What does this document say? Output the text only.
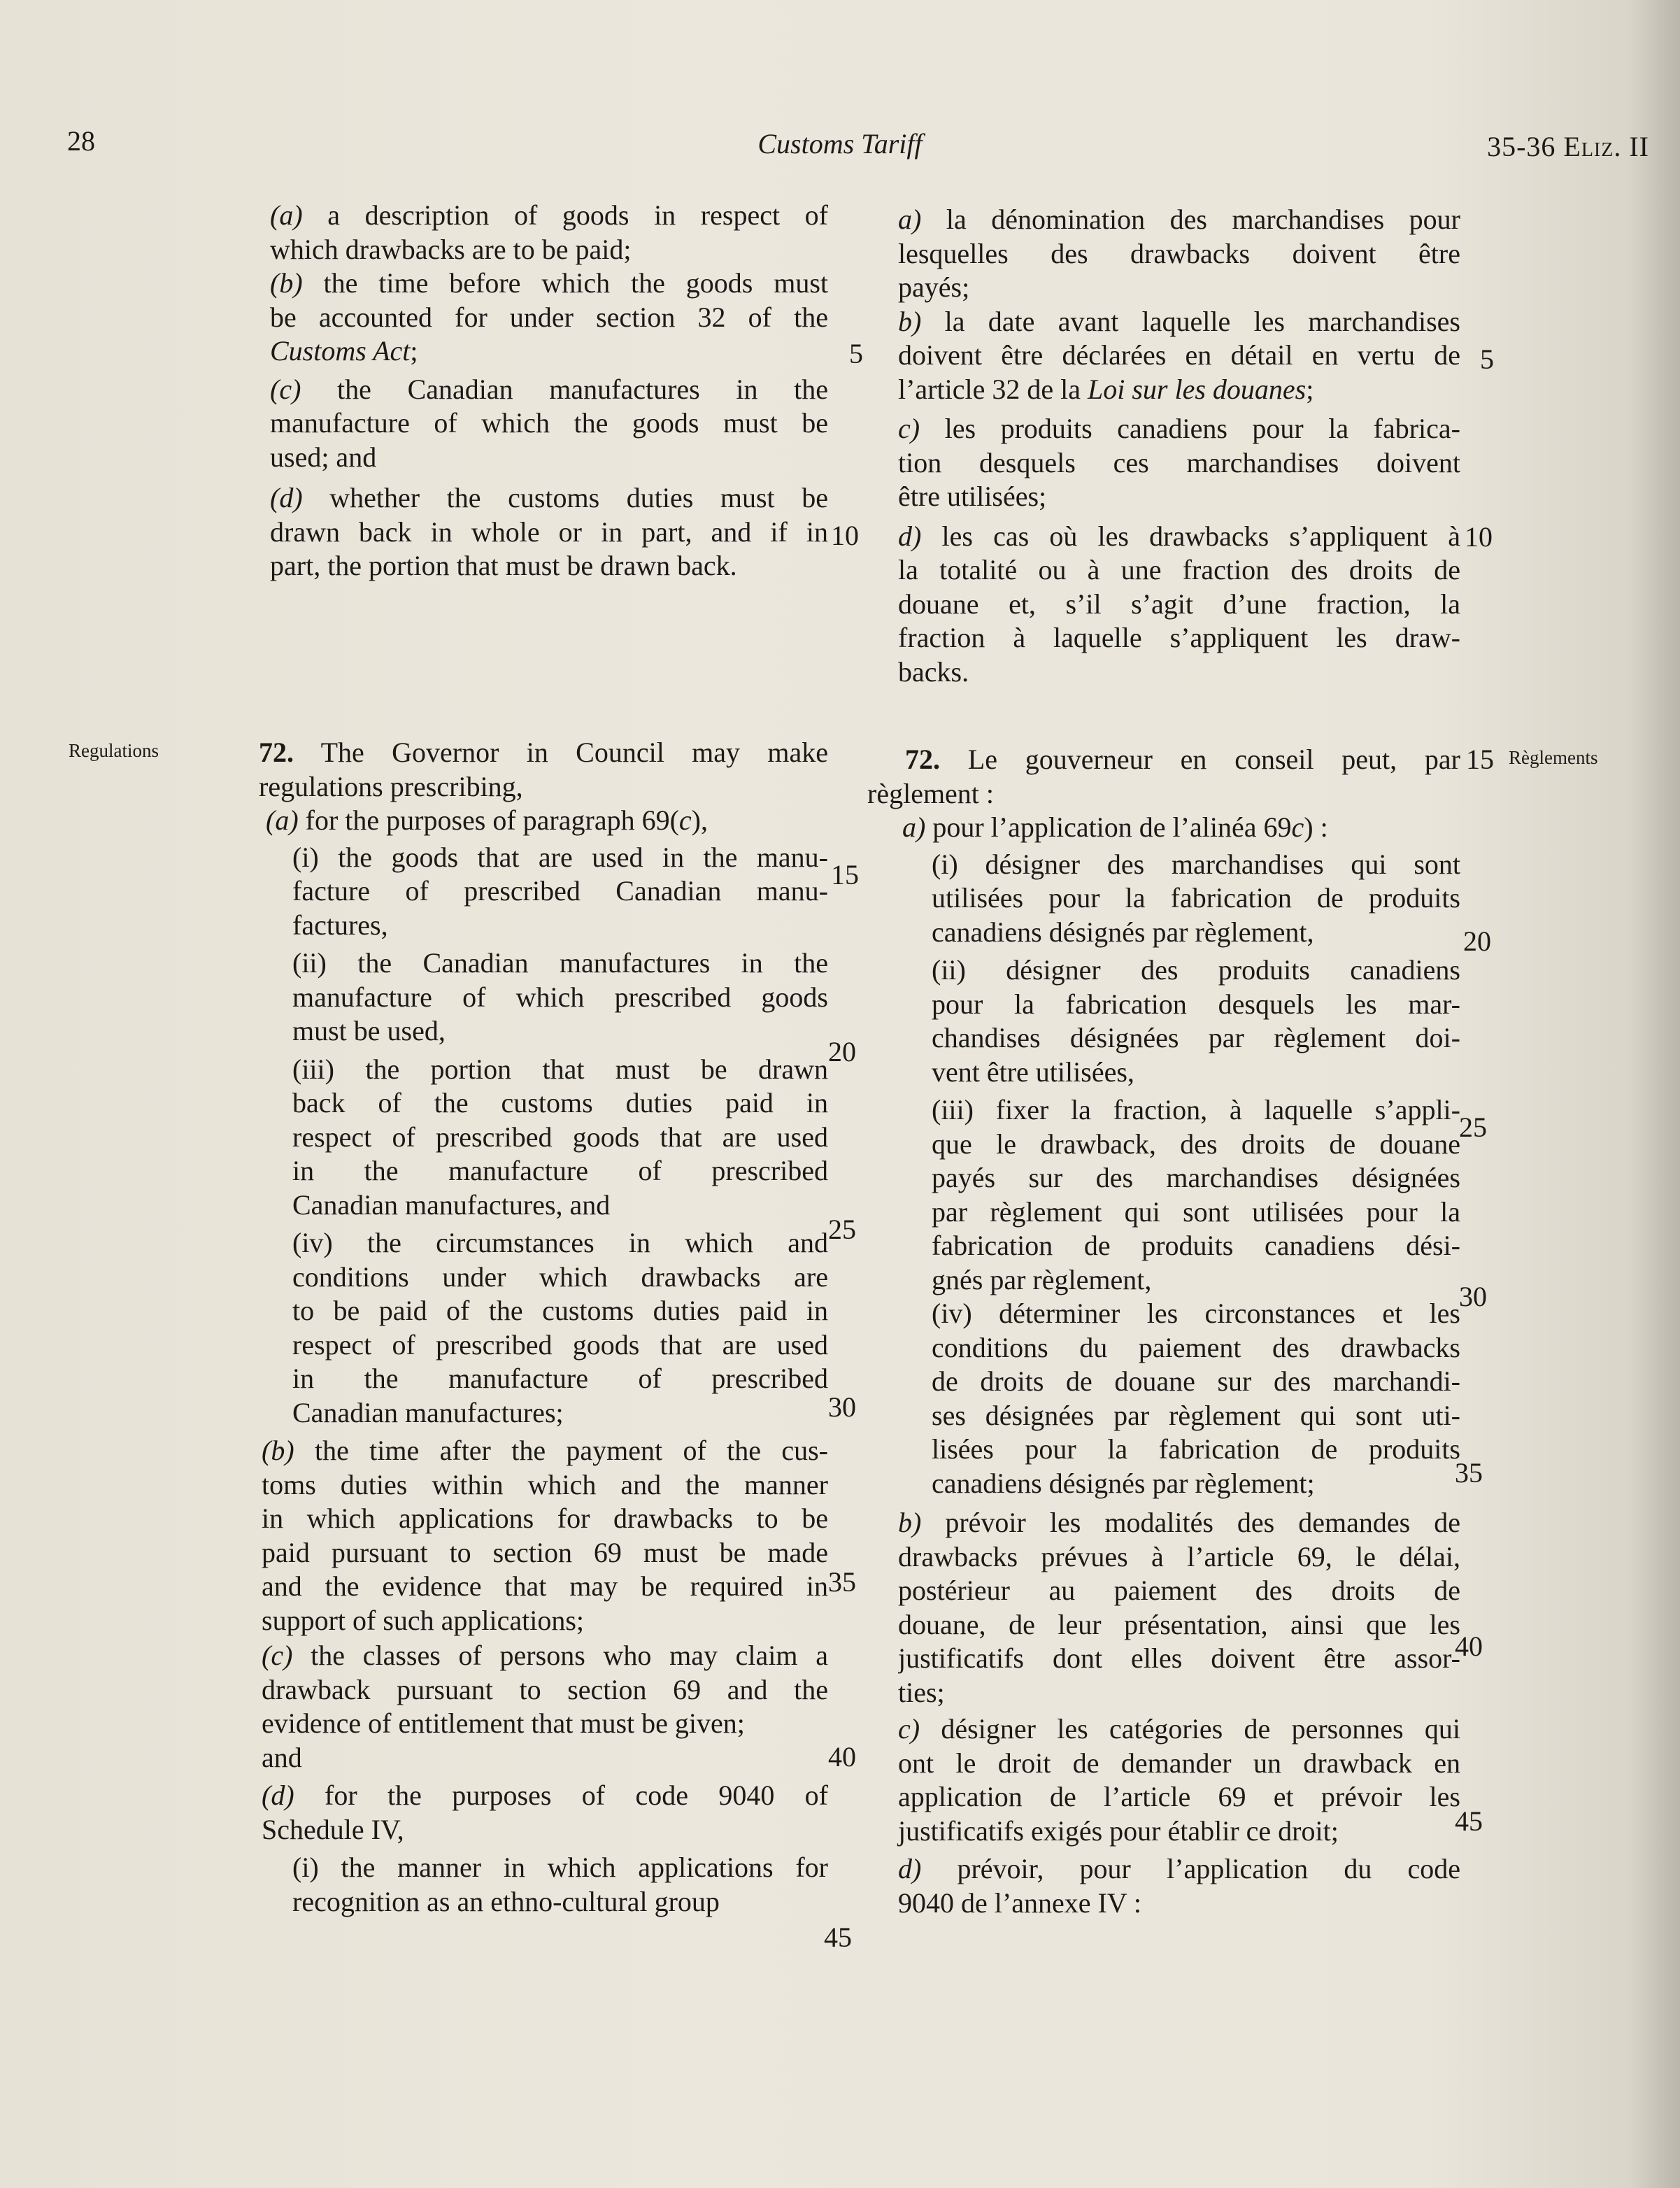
28	Customs Tariff	35-36 Eliz. II
Regulations	Règlements
(a) a description of goods in respect of
which drawbacks are to be paid;
(b) the time before which the goods must
be accounted for under section 32 of the
Customs Act;
(c) the Canadian manufactures in the
manufacture of which the goods must be
used; and
(d) whether the customs duties must be
drawn back in whole or in part, and if in
part, the portion that must be drawn back.
5
10
72. The Governor in Council may make
regulations prescribing,
(a) for the purposes of paragraph 69(c),
(i) the goods that are used in the manu-
facture of prescribed Canadian manu-
factures,
(ii) the Canadian manufactures in the
manufacture of which prescribed goods
must be used,
(iii) the portion that must be drawn
back of the customs duties paid in
respect of prescribed goods that are used
in the manufacture of prescribed
Canadian manufactures, and
(iv) the circumstances in which and
conditions under which drawbacks are
to be paid of the customs duties paid in
respect of prescribed goods that are used
in the manufacture of prescribed
Canadian manufactures;
(b) the time after the payment of the cus-
toms duties within which and the manner
in which applications for drawbacks to be
paid pursuant to section 69 must be made
and the evidence that may be required in
support of such applications;
(c) the classes of persons who may claim a
drawback pursuant to section 69 and the
evidence of entitlement that must be given;
and
(d) for the purposes of code 9040 of
Schedule IV,
(i) the manner in which applications for
recognition as an ethno-cultural group
15
20
25
30
35
40
45
a) la dénomination des marchandises pour
lesquelles des drawbacks doivent être
payés;
b) la date avant laquelle les marchandises
doivent être déclarées en détail en vertu de
l’article 32 de la Loi sur les douanes;
c) les produits canadiens pour la fabrica-
tion desquels ces marchandises doivent
être utilisées;
d) les cas où les drawbacks s’appliquent à
la totalité ou à une fraction des droits de
douane et, s’il s’agit d’une fraction, la
fraction à laquelle s’appliquent les draw-
backs.
5
10
72. Le gouverneur en conseil peut, par
règlement :
a) pour l’application de l’alinéa 69c) :
(i) désigner des marchandises qui sont
utilisées pour la fabrication de produits
canadiens désignés par règlement,
(ii) désigner des produits canadiens
pour la fabrication desquels les mar-
chandises désignées par règlement doi-
vent être utilisées,
(iii) fixer la fraction, à laquelle s’appli-
que le drawback, des droits de douane
payés sur des marchandises désignées
par règlement qui sont utilisées pour la
fabrication de produits canadiens dési-
gnés par règlement,
(iv) déterminer les circonstances et les
conditions du paiement des drawbacks
de droits de douane sur des marchandi-
ses désignées par règlement qui sont uti-
lisées pour la fabrication de produits
canadiens désignés par règlement;
b) prévoir les modalités des demandes de
drawbacks prévues à l’article 69, le délai,
postérieur au paiement des droits de
douane, de leur présentation, ainsi que les
justificatifs dont elles doivent être assor-
ties;
c) désigner les catégories de personnes qui
ont le droit de demander un drawback en
application de l’article 69 et prévoir les
justificatifs exigés pour établir ce droit;
d) prévoir, pour l’application du code
9040 de l’annexe IV :
15
20
25
30
35
40
45
